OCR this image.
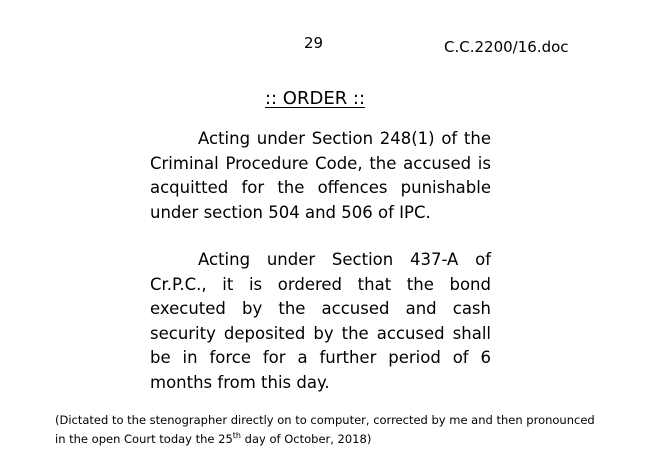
29	C.C.2200/16.doc
:: ORDER ::

Acting under Section 248(1) of the Criminal Procedure Code, the accused is acquitted for the offences punishable under section 504 and 506 of IPC.

Acting under Section 437-A of Cr.P.C., it is ordered that the bond executed by the accused and cash security deposited by the accused shall be in force for a further period of 6 months from this day.

(Dictated to the stenographer directly on to computer, corrected by me and then pronounced in the open Court today the 25th day of October, 2018)
